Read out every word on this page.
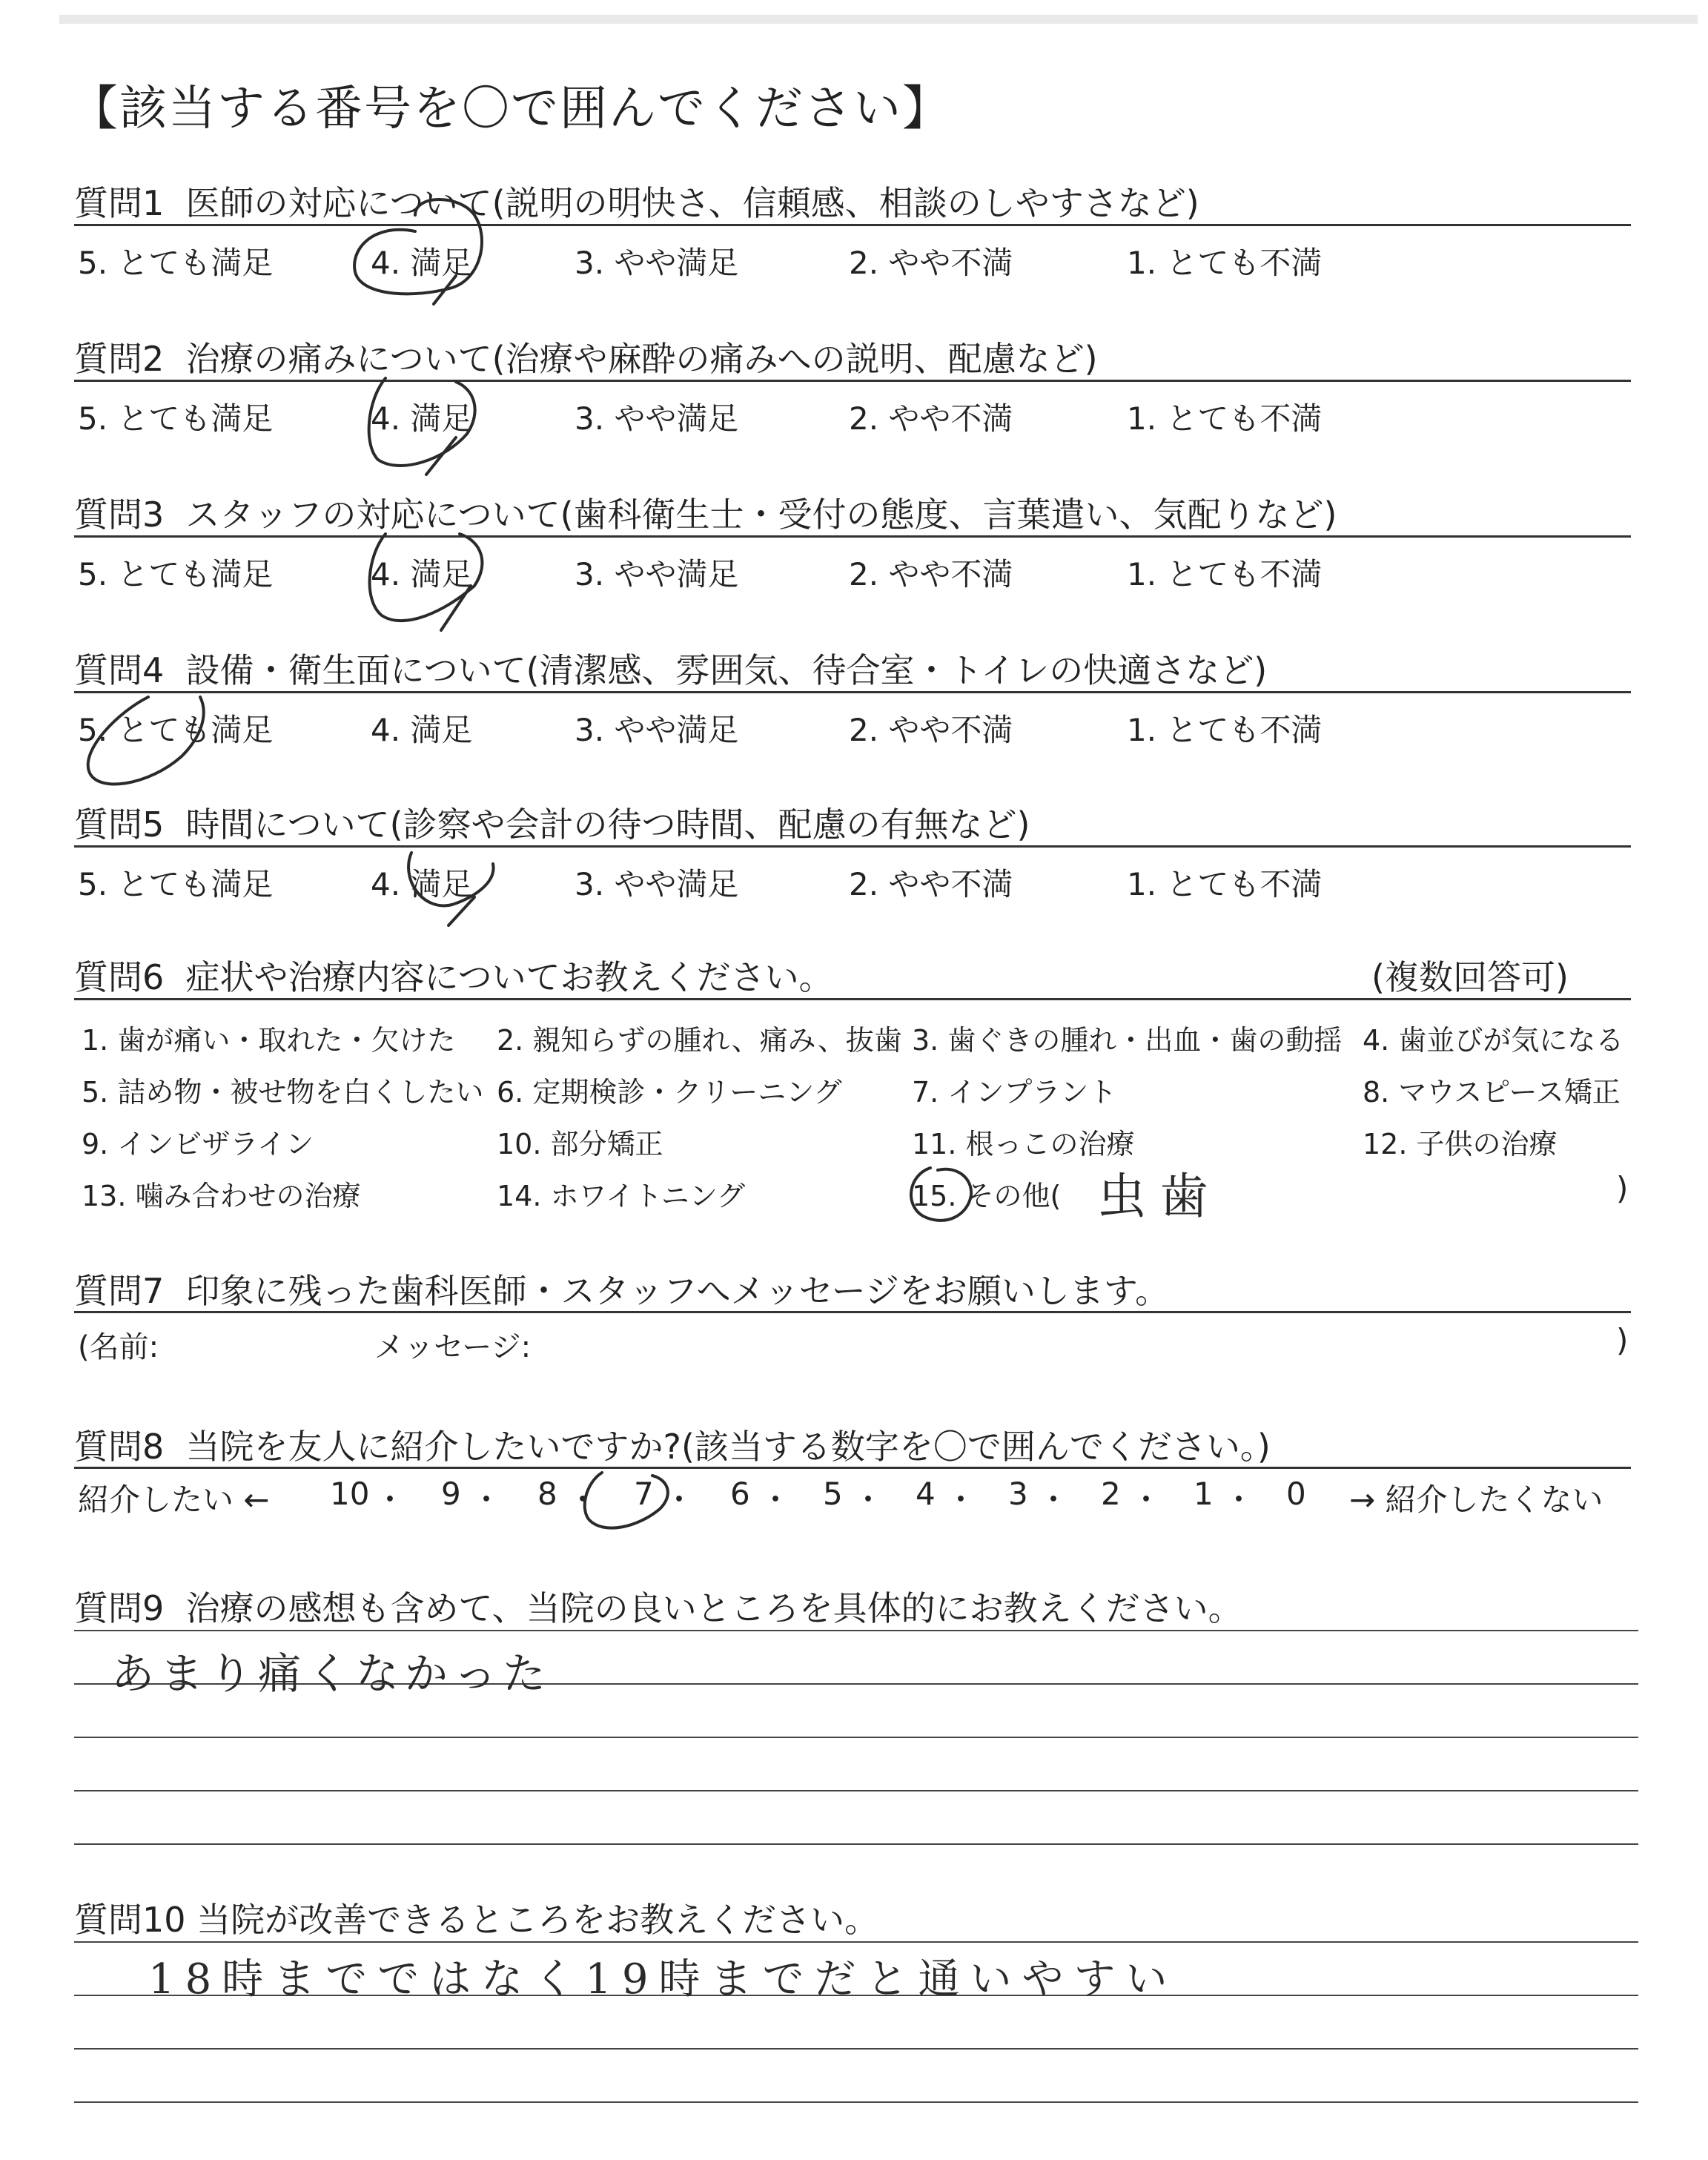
【該当する番号を〇で囲んでください】
質問1 医師の対応について(説明の明快さ、信頼感、相談のしやすさなど)
5. とても満足	4. 満足	3. やや満足	2. やや不満	1. とても不満
質問2 治療の痛みについて(治療や麻酔の痛みへの説明、配慮など)
5. とても満足	4. 満足	3. やや満足	2. やや不満	1. とても不満
質問3 スタッフの対応について(歯科衛生士・受付の態度、言葉遣い、気配りなど)
5. とても満足	4. 満足	3. やや満足	2. やや不満	1. とても不満
質問4 設備・衛生面について(清潔感、雰囲気、待合室・トイレの快適さなど)
5. とても満足	4. 満足	3. やや満足	2. やや不満	1. とても不満
質問5 時間について(診察や会計の待つ時間、配慮の有無など)
5. とても満足	4. 満足	3. やや満足	2. やや不満	1. とても不満
質問6 症状や治療内容についてお教えください。	(複数回答可)
1. 歯が痛い・取れた・欠けた 2. 親知らずの腫れ、痛み、抜歯 3. 歯ぐきの腫れ・出血・歯の動揺 4. 歯並びが気になる
5. 詰め物・被せ物を白くしたい 6. 定期検診・クリーニング 7. インプラント	8. マウスピース矯正
9. インビザライン	10. 部分矯正	11. 根っこの治療	12. 子供の治療
13. 噛み合わせの治療	14. ホワイトニング	15. その他(	)
虫歯
質問7 印象に残った歯科医師・スタッフへメッセージをお願いします。
(名前:	メッセージ:	)
質問8 当院を友人に紹介したいですか?(該当する数字を〇で囲んでください。)
紹介したい ← 10 ・ 9 ・ 8 ・ 7 ・ 6 ・ 5 ・ 4 ・ 3 ・ 2 ・ 1 ・ 0 → 紹介したくない
質問9 治療の感想も含めて、当院の良いところを具体的にお教えください。
あまり痛くなかった
質問10 当院が改善できるところをお教えください。
18時までではなく19時までだと通いやすい
